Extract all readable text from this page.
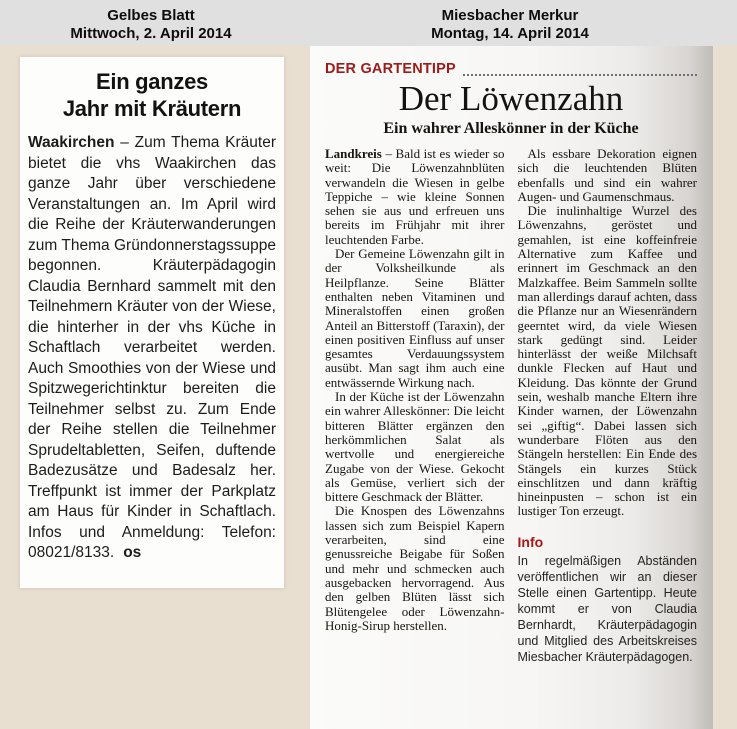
Gelbes Blatt
Mittwoch, 2. April 2014
Miesbacher Merkur
Montag, 14. April 2014
Ein ganzes
Jahr mit Kräutern

Waakirchen – Zum Thema Kräuter bietet die vhs Waakirchen das ganze Jahr über verschiedene Veranstaltungen an. Im April wird die Reihe der Kräuterwanderungen zum Thema Gründonnerstagssuppe begonnen. Kräuterpädagogin Claudia Bernhard sammelt mit den Teilnehmern Kräuter von der Wiese, die hinterher in der vhs Küche in Schaftlach verarbeitet werden. Auch Smoothies von der Wiese und Spitzwegerichtinktur bereiten die Teilnehmer selbst zu. Zum Ende der Reihe stellen die Teilnehmer Sprudeltabletten, Seifen, duftende Badezusätze und Badesalz her. Treffpunkt ist immer der Parkplatz am Haus für Kinder in Schaftlach. Infos und Anmeldung: Telefon: 08021/8133. os

DER GARTENTIPP
Der Löwenzahn
Ein wahrer Alleskönner in der Küche

Landkreis – Bald ist es wieder so weit: Die Löwenzahnblüten verwandeln die Wiesen in gelbe Teppiche – wie kleine Sonnen sehen sie aus und erfreuen uns bereits im Frühjahr mit ihrer leuchtenden Farbe.

Der Gemeine Löwenzahn gilt in der Volksheilkunde als Heilpflanze. Seine Blätter enthalten neben Vitaminen und Mineralstoffen einen großen Anteil an Bitterstoff (Taraxin), der einen positiven Einfluss auf unser gesamtes Verdauungssystem ausübt. Man sagt ihm auch eine entwässernde Wirkung nach.

In der Küche ist der Löwenzahn ein wahrer Alleskönner: Die leicht bitteren Blätter ergänzen den herkömmlichen Salat als wertvolle und energiereiche Zugabe von der Wiese. Gekocht als Gemüse, verliert sich der bittere Geschmack der Blätter.

Die Knospen des Löwenzahns lassen sich zum Beispiel Kapern verarbeiten, sind eine genussreiche Beigabe für Soßen und mehr und schmecken auch ausgebacken hervorragend. Aus den gelben Blüten lässt sich Blütengelee oder Löwenzahn-Honig-Sirup herstellen.

Als essbare Dekoration eignen sich die leuchtenden Blüten ebenfalls und sind ein wahrer Augen- und Gaumenschmaus.

Die inulinhaltige Wurzel des Löwenzahns, geröstet und gemahlen, ist eine koffeinfreie Alternative zum Kaffee und erinnert im Geschmack an den Malzkaffee. Beim Sammeln sollte man allerdings darauf achten, dass die Pflanze nur an Wiesenrändern geerntet wird, da viele Wiesen stark gedüngt sind. Leider hinterlässt der weiße Milchsaft dunkle Flecken auf Haut und Kleidung. Das könnte der Grund sein, weshalb manche Eltern ihre Kinder warnen, der Löwenzahn sei „giftig“. Dabei lassen sich wunderbare Flöten aus den Stängeln herstellen: Ein Ende des Stängels ein kurzes Stück einschlitzen und dann kräftig hineinpusten – schon ist ein lustiger Ton erzeugt.

Info

In regelmäßigen Abständen veröffentlichen wir an dieser Stelle einen Gartentipp. Heute kommt er von Claudia Bernhardt, Kräuterpädagogin und Mitglied des Arbeitskreises Miesbacher Kräuterpädagogen.
